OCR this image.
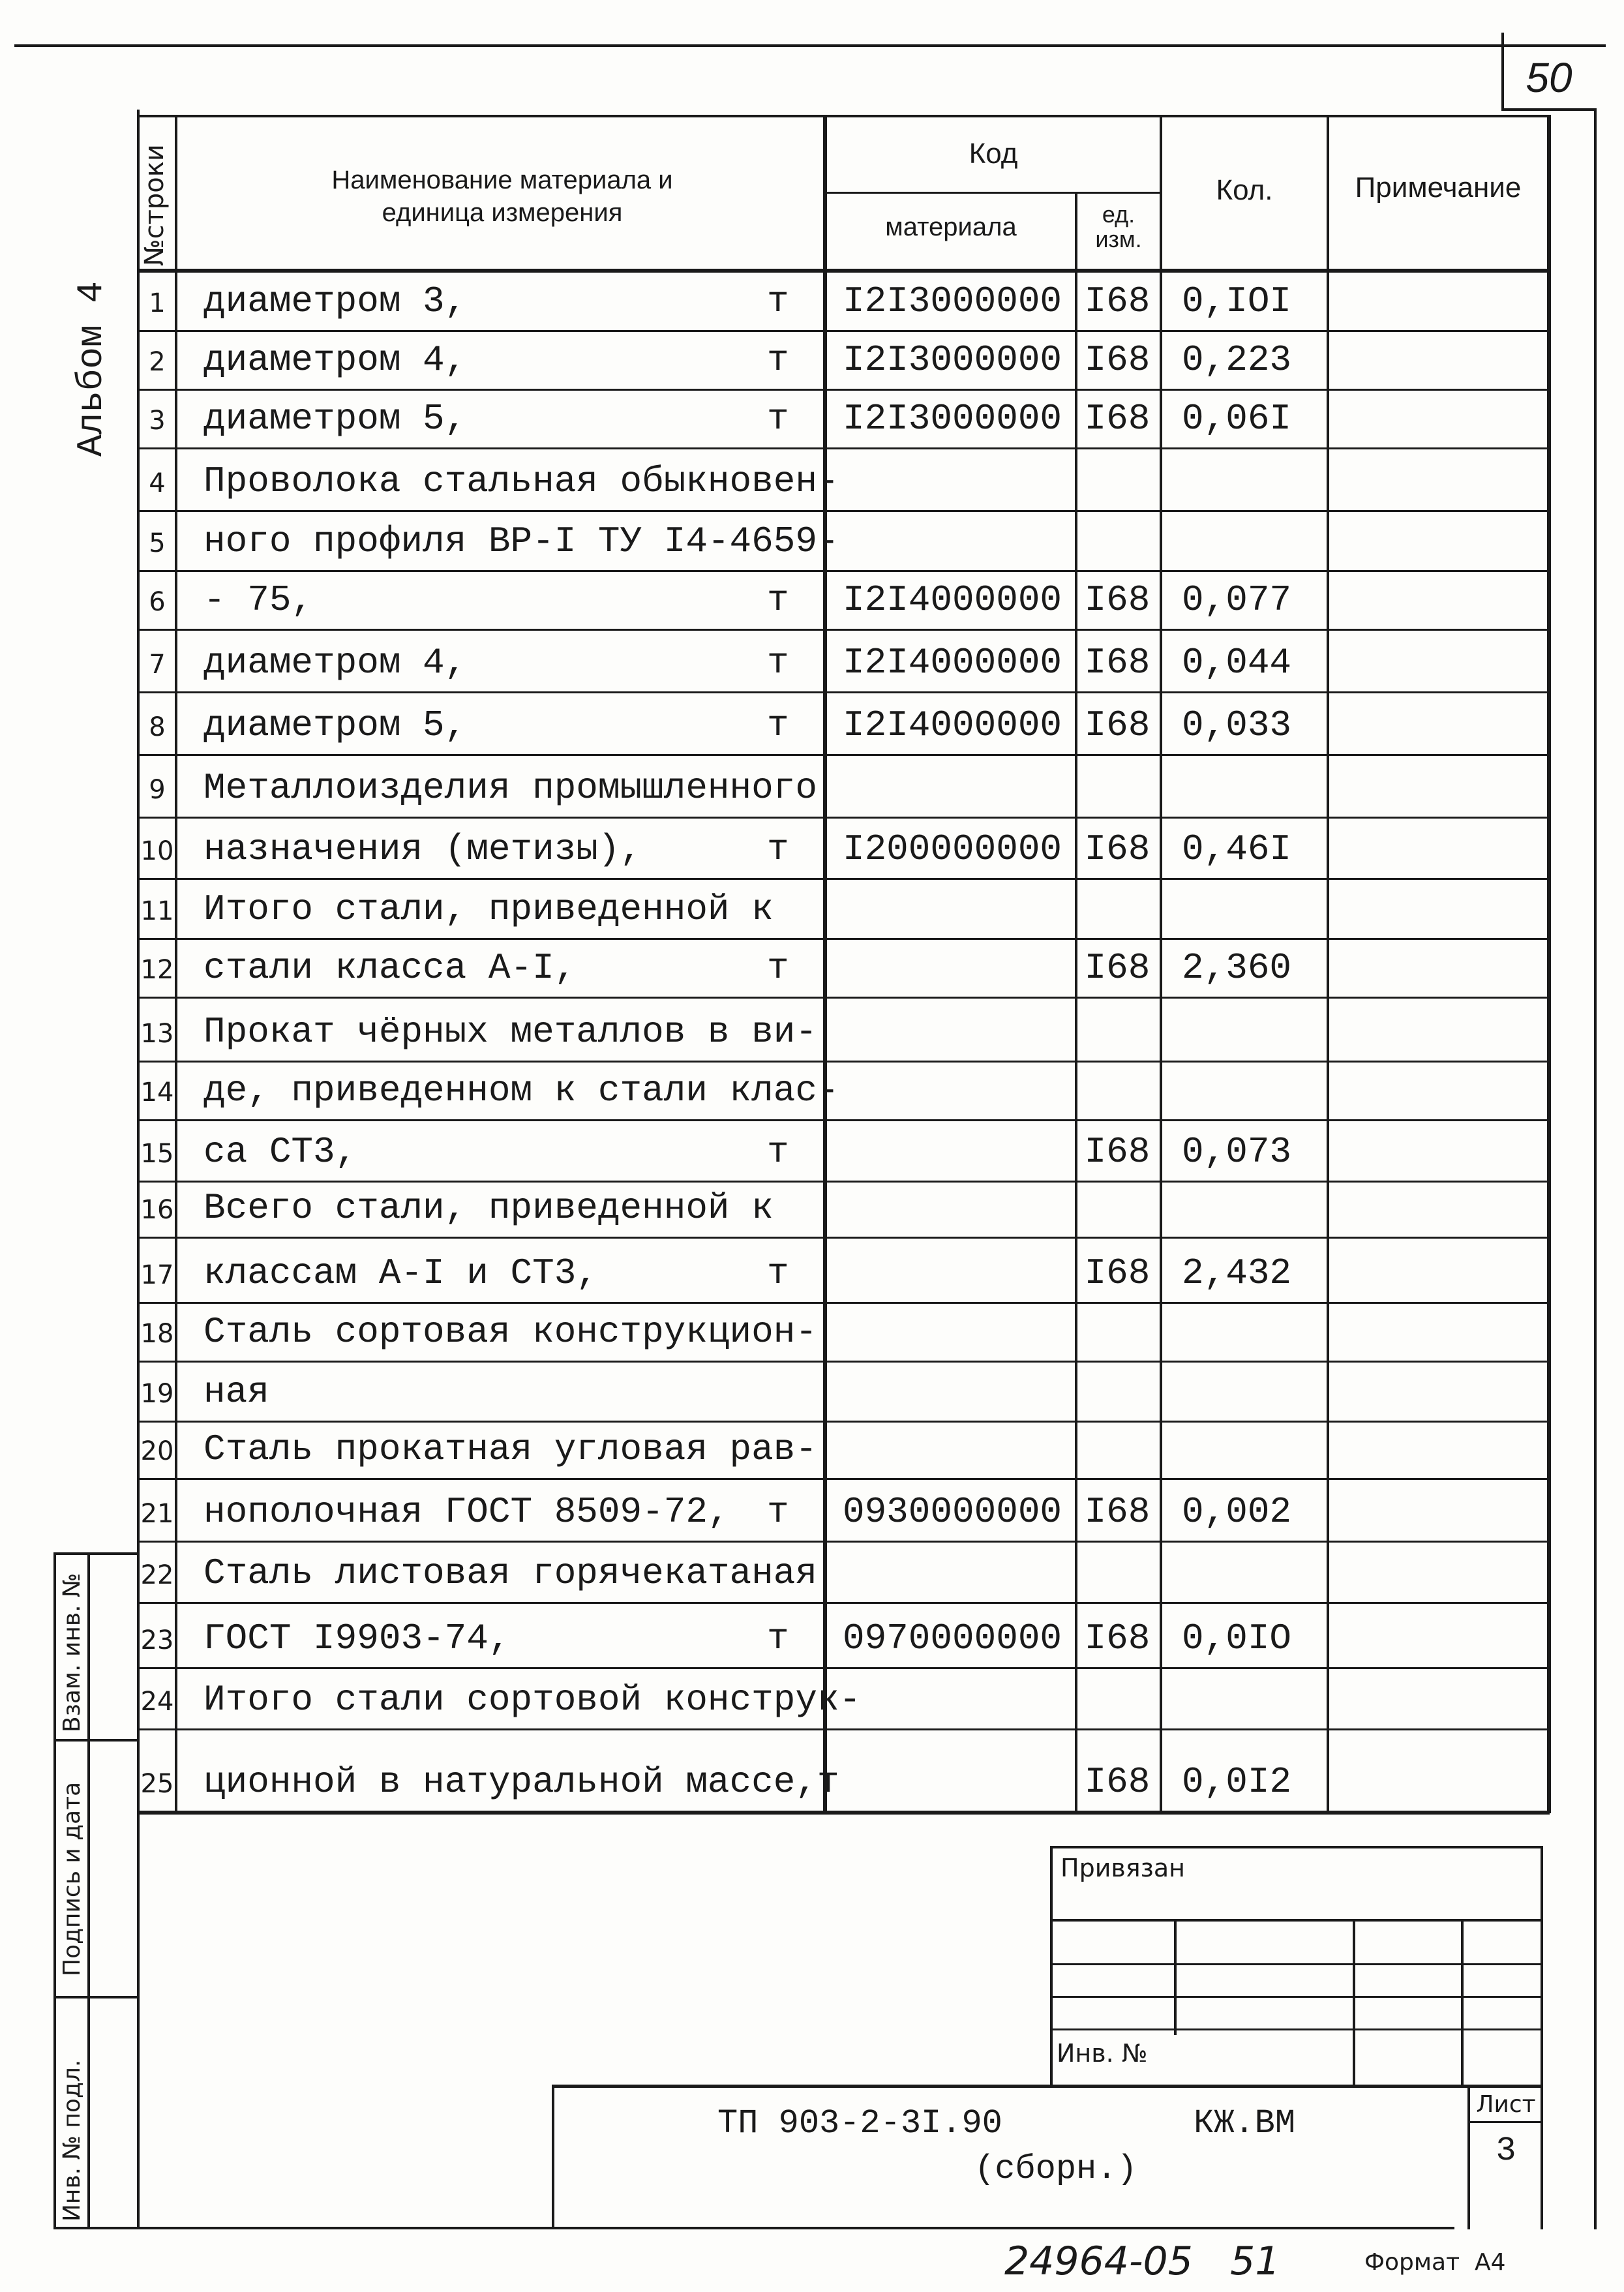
50
Альбом 4
№строки	Наименование материала и
единица измерения
Код
материала	ед. изм.
Кол.	Примечание
1 диаметром 3,	т I2I3000000 I68 0,IOI
2 диаметром 4,	т I2I3000000 I68 0,223
3 диаметром 5,	т I2I3000000 I68 0,06I
4 Проволока стальная обыкновен-
5 ного профиля ВР-I ТУ I4-4659-
6 - 75,	т I2I4000000 I68 0,077
7 диаметром 4,	т I2I4000000 I68 0,044
8 диаметром 5,	т I2I4000000 I68 0,033
9 Металлоизделия промышленного
10 назначения (метизы),	т I200000000 I68 0,46I
11 Итого стали, приведенной к
12 стали класса А-I,	т	I68 2,360
13 Прокат чёрных металлов в ви-
14 де, приведенном к стали клас-
15 са СТ3,	т	I68 0,073
16 Всего стали, приведенной к
17 классам А-I и СТ3,	т	I68 2,432
18 Сталь сортовая конструкцион-
19 ная
20 Сталь прокатная угловая рав-
21 нополочная ГОСТ 8509-72, т 0930000000 I68 0,002
22 Сталь листовая горячекатаная
23 ГОСТ I9903-74,	т 0970000000 I68 0,0IO
24 Итого стали сортовой конструк-
25 ционной в натуральной массе,т	I68 0,0I2
Взам. инв. №
Подпись и дата
Инв. № подл.
Привязан
Инв. №
ТП 903-2-3I.90	КЖ.ВМ
(сборн.)
Лист
3
24964-05   51	Формат  А4
